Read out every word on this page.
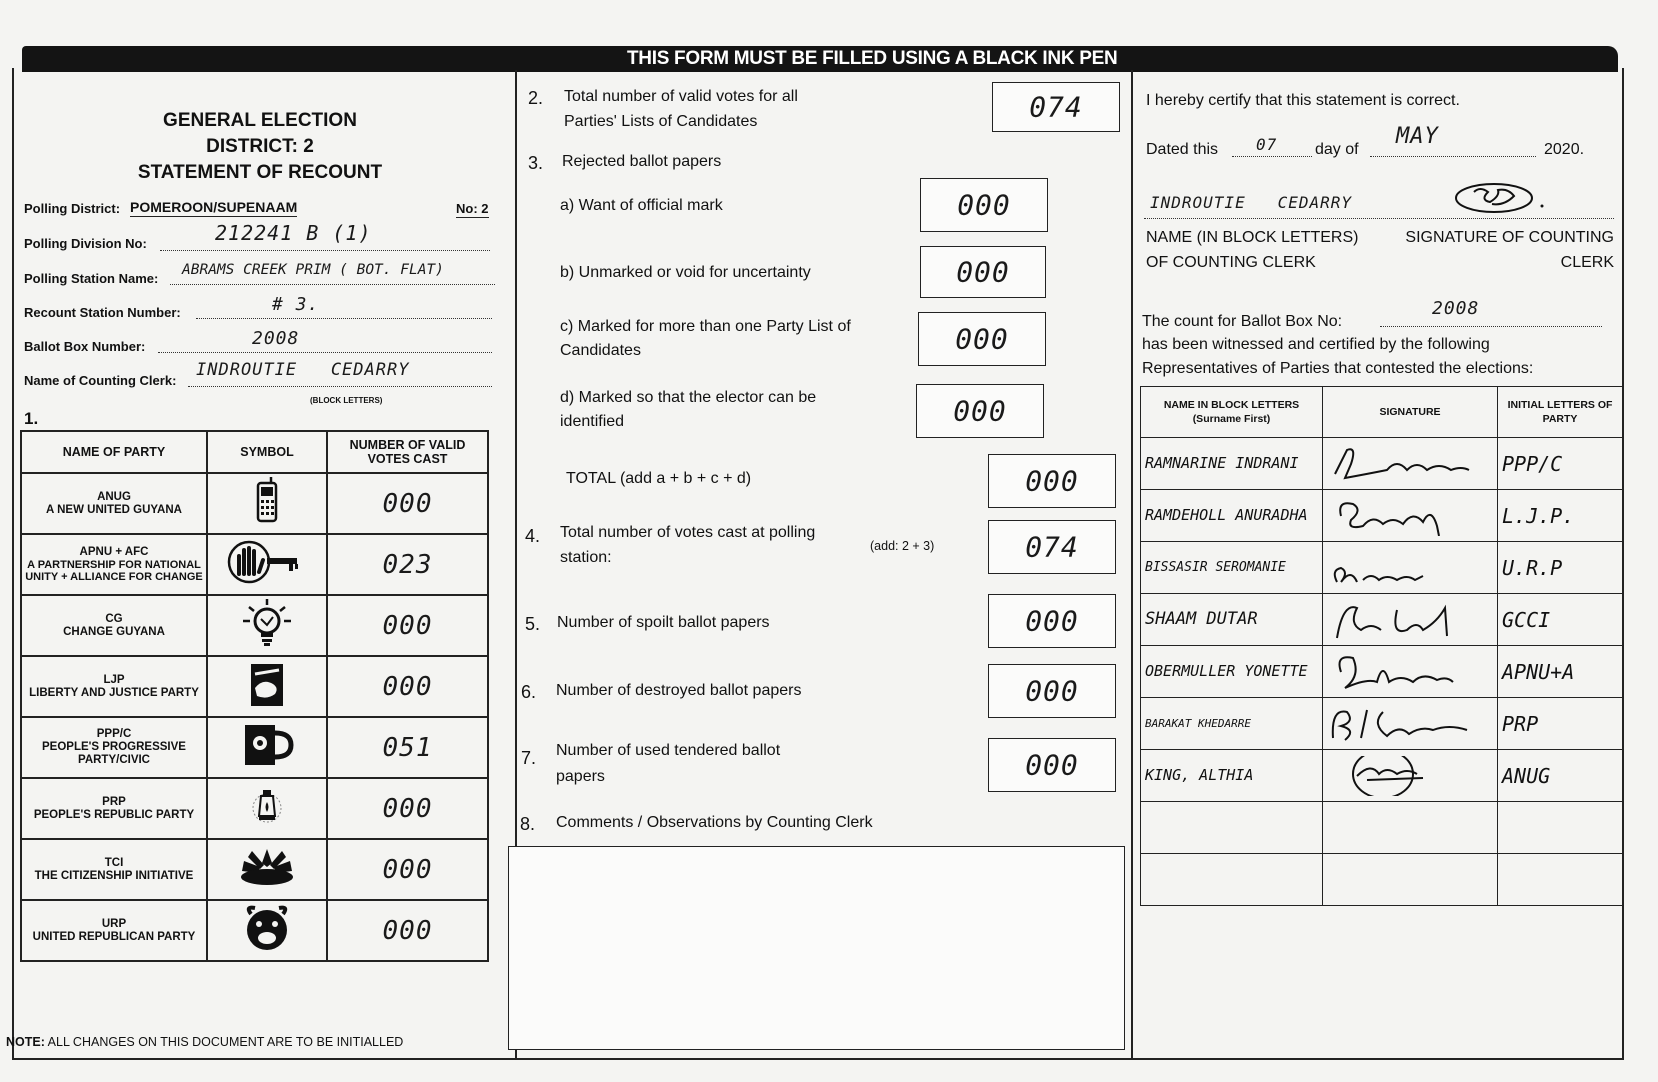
THIS FORM MUST BE FILLED USING A BLACK INK PEN
GENERAL ELECTION
DISTRICT: 2
STATEMENT OF RECOUNT
Polling District: POMEROON/SUPENAAM	No: 2
Polling Division No:	212241 B (1)
Polling Station Name:
ABRAMS CREEK PRIM ( BOT. FLAT)
Recount Station Number:	# 3.
Ballot Box Number:	2008
Name of Counting Clerk:
INDROUTIE   CEDARRY
(BLOCK LETTERS)
1.
NAME OF PARTY	SYMBOL	NUMBER OF VALID VOTES CAST

ANUG
A NEW UNITED GUYANA		000

APNU + AFC
A PARTNERSHIP FOR NATIONAL UNITY + ALLIANCE FOR CHANGE		023

CG
CHANGE GUYANA		000

LJP
LIBERTY AND JUSTICE PARTY		000

PPP/C
PEOPLE'S PROGRESSIVE PARTY/CIVIC		051

PRP
PEOPLE'S REPUBLIC PARTY		000

TCI
THE CITIZENSHIP INITIATIVE		000

URP
UNITED REPUBLICAN PARTY		000
NOTE: ALL CHANGES ON THIS DOCUMENT ARE TO BE INITIALLED
2. Total number of valid votes for all
Parties' Lists of Candidates	074
3. Rejected ballot papers
a) Want of official mark	000
b) Unmarked or void for uncertainty	000
c) Marked for more than one Party List of
Candidates	000
d) Marked so that the elector can be
identified	000
TOTAL (add a + b + c + d)	000
4. Total number of votes cast at polling
station:
(add: 2 + 3)	074
5. Number of spoilt ballot papers	000
6. Number of destroyed ballot papers	000
7. Number of used tendered ballot
papers	000
8. Comments / Observations by Counting Clerk
I hereby certify that this statement is correct.
Dated this 07 day of
MAY
2020.
INDROUTIE   CEDARRY
NAME (IN BLOCK LETTERS)
OF COUNTING CLERK
SIGNATURE OF COUNTING
CLERK
The count for Ballot Box No:
2008
has been witnessed and certified by the following
Representatives of Parties that contested the elections:
NAME IN BLOCK LETTERS
(Surname First)	SIGNATURE	INITIAL LETTERS OF PARTY
RAMNARINE INDRANI		PPP/C
RAMDEHOLL ANURADHA		L.J.P.
BISSASIR SEROMANIE		U.R.P
SHAAM DUTAR		GCCI
OBERMULLER YONETTE		APNU+A
BARAKAT KHEDARRE		PRP
KING, ALTHIA		ANUG
